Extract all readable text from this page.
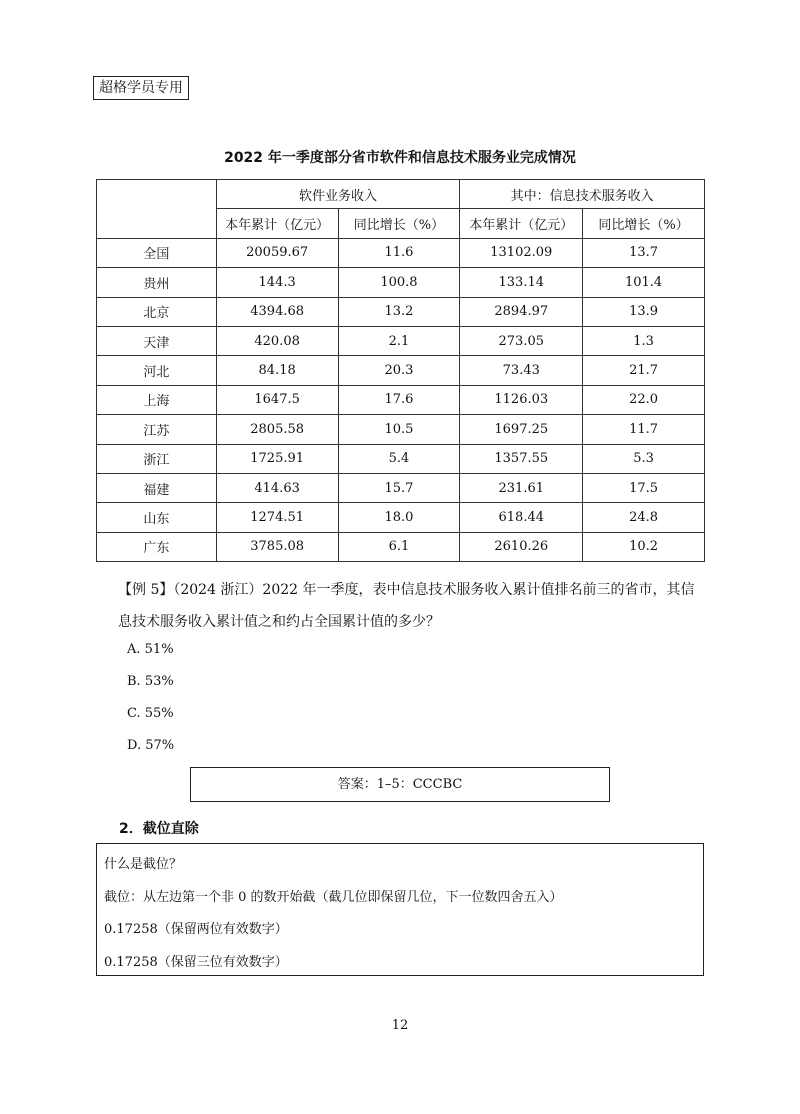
超格学员专用
2022 年一季度部分省市软件和信息技术服务业完成情况
	软件业务收入		其中：信息技术服务收入	
	本年累计（亿元）	同比增长（%）	本年累计（亿元）	同比增长（%）
全国	20059.67	11.6	13102.09	13.7
贵州	144.3	100.8	133.14	101.4
北京	4394.68	13.2	2894.97	13.9
天津	420.08	2.1	273.05	1.3
河北	84.18	20.3	73.43	21.7
上海	1647.5	17.6	1126.03	22.0
江苏	2805.58	10.5	1697.25	11.7
浙江	1725.91	5.4	1357.55	5.3
福建	414.63	15.7	231.61	17.5
山东	1274.51	18.0	618.44	24.8
广东	3785.08	6.1	2610.26	10.2
【例 5】（2024 浙江）2022 年一季度，表中信息技术服务收入累计值排名前三的省市，其信息技术服务收入累计值之和约占全国累计值的多少？
A. 51%
B. 53%
C. 55%
D. 57%
答案：1–5：CCCBC
2．截位直除
什么是截位？
截位：从左边第一个非 0 的数开始截（截几位即保留几位，下一位数四舍五入）
0.17258（保留两位有效数字）
0.17258（保留三位有效数字）
12
